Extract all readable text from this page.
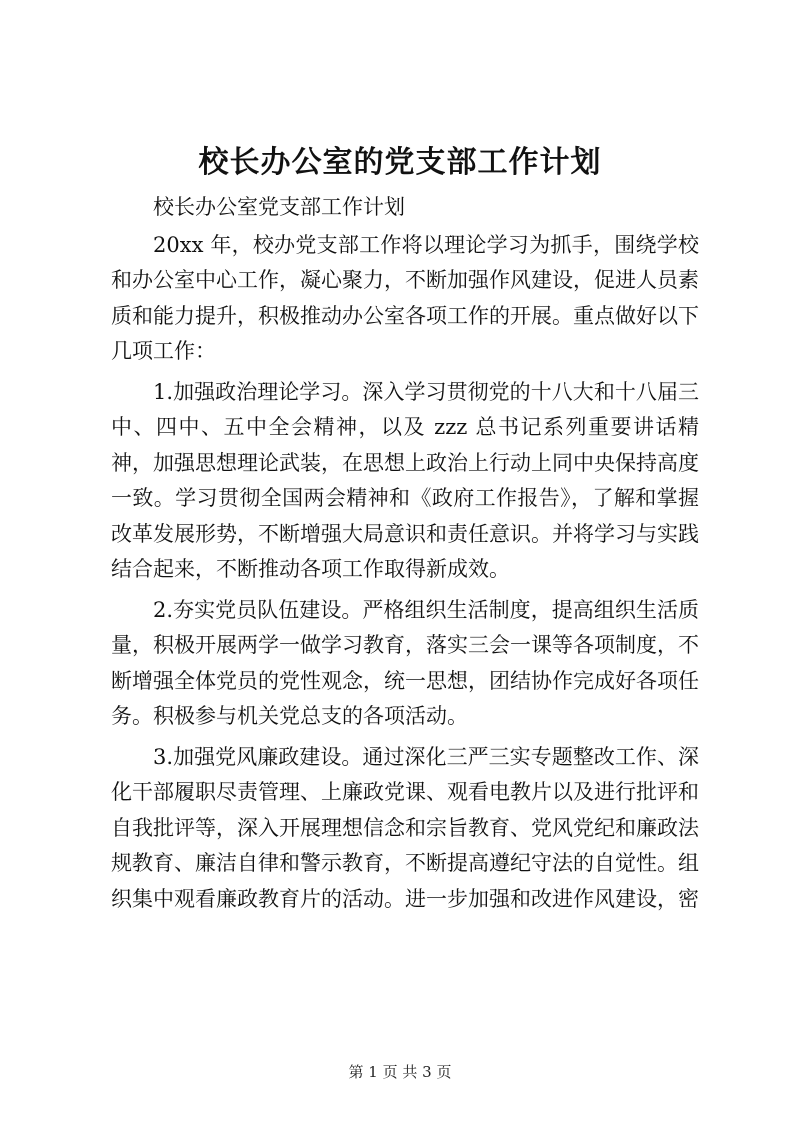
校长办公室的党支部工作计划

校长办公室党支部工作计划

20xx 年，校办党支部工作将以理论学习为抓手，围绕学校和办公室中心工作，凝心聚力，不断加强作风建设，促进人员素质和能力提升，积极推动办公室各项工作的开展。重点做好以下几项工作：

1.加强政治理论学习。深入学习贯彻党的十八大和十八届三中、四中、五中全会精神，以及 zzz 总书记系列重要讲话精神，加强思想理论武装，在思想上政治上行动上同中央保持高度一致。学习贯彻全国两会精神和《政府工作报告》，了解和掌握改革发展形势，不断增强大局意识和责任意识。并将学习与实践结合起来，不断推动各项工作取得新成效。

2.夯实党员队伍建设。严格组织生活制度，提高组织生活质量，积极开展两学一做学习教育，落实三会一课等各项制度，不断增强全体党员的党性观念，统一思想，团结协作完成好各项任务。积极参与机关党总支的各项活动。

3.加强党风廉政建设。通过深化三严三实专题整改工作、深化干部履职尽责管理、上廉政党课、观看电教片以及进行批评和自我批评等，深入开展理想信念和宗旨教育、党风党纪和廉政法规教育、廉洁自律和警示教育，不断提高遵纪守法的自觉性。组织集中观看廉政教育片的活动。进一步加强和改进作风建设，密

第 1 页 共 3 页
